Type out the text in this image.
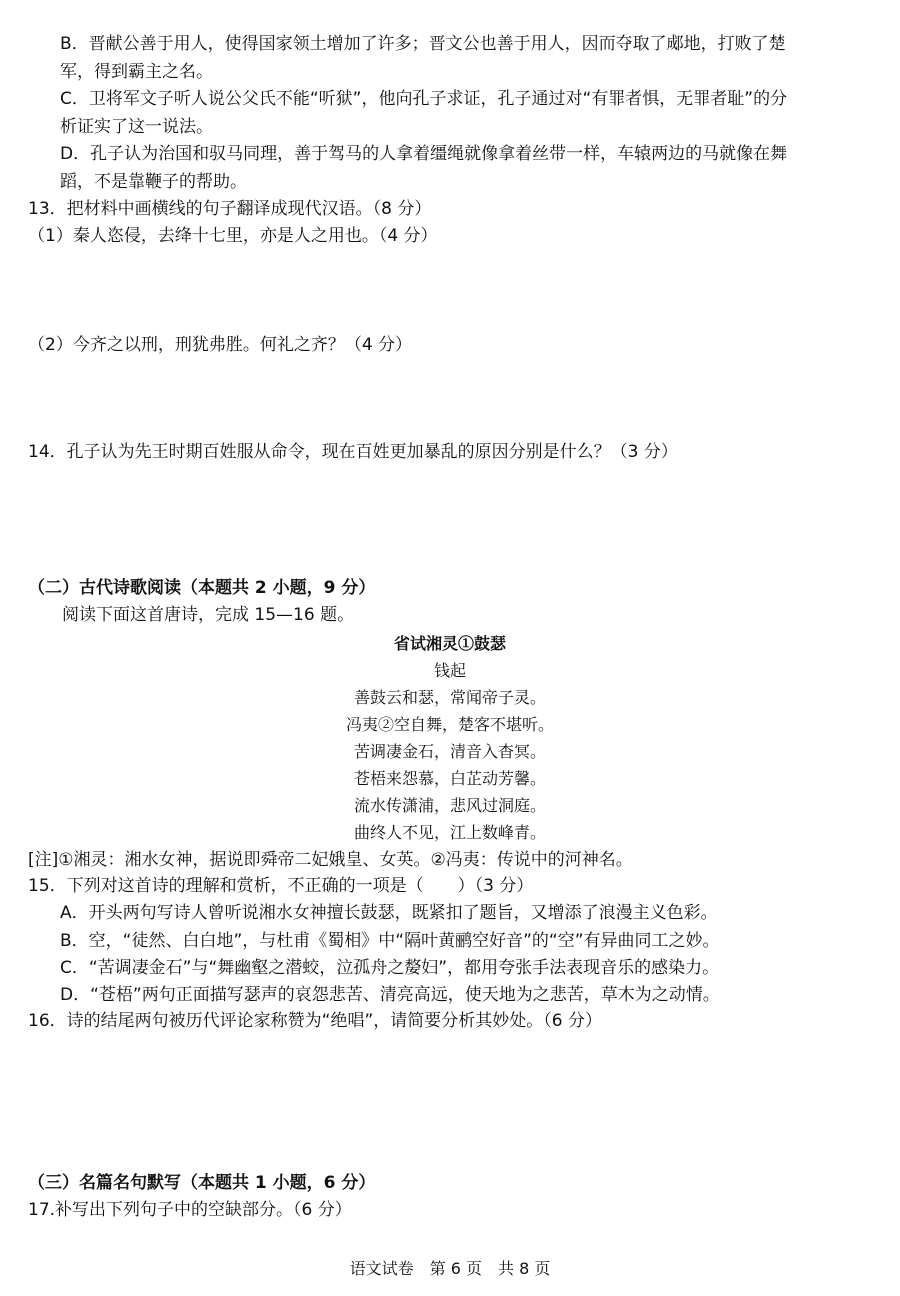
B．晋献公善于用人，使得国家领土增加了许多；晋文公也善于用人，因而夺取了郕地，打败了楚
军，得到霸主之名。
C．卫将军文子听人说公父氏不能“听狱”，他向孔子求证，孔子通过对“有罪者惧，无罪者耻”的分
析证实了这一说法。
D．孔子认为治国和驭马同理，善于驾马的人拿着缰绳就像拿着丝带一样，车辕两边的马就像在舞
蹈，不是靠鞭子的帮助。
13．把材料中画横线的句子翻译成现代汉语。（8 分）
（1）秦人恣侵，去绛十七里，亦是人之用也。（4 分）
（2）今齐之以刑，刑犹弗胜。何礼之齐？（4 分）
14．孔子认为先王时期百姓服从命令，现在百姓更加暴乱的原因分别是什么？（3 分）
（二）古代诗歌阅读（本题共 2 小题，9 分）
阅读下面这首唐诗，完成 15—16 题。
省试湘灵①鼓瑟
钱起
善鼓云和瑟，常闻帝子灵。
冯夷②空自舞，楚客不堪听。
苦调凄金石，清音入杳冥。
苍梧来怨慕，白芷动芳馨。
流水传潇浦，悲风过洞庭。
曲终人不见，江上数峰青。
[注]①湘灵：湘水女神，据说即舜帝二妃娥皇、女英。②冯夷：传说中的河神名。
15．下列对这首诗的理解和赏析，不正确的一项是（　　）（3 分）
A．开头两句写诗人曾听说湘水女神擅长鼓瑟，既紧扣了题旨，又增添了浪漫主义色彩。
B．空，“徒然、白白地”，与杜甫《蜀相》中“隔叶黄鹂空好音”的“空”有异曲同工之妙。
C．“苦调凄金石”与“舞幽壑之潜蛟，泣孤舟之嫠妇”，都用夸张手法表现音乐的感染力。
D．“苍梧”两句正面描写瑟声的哀怨悲苦、清亮高远，使天地为之悲苦，草木为之动情。
16．诗的结尾两句被历代评论家称赞为“绝唱”，请简要分析其妙处。（6 分）
（三）名篇名句默写（本题共 1 小题，6 分）
17.补写出下列句子中的空缺部分。（6 分）
语文试卷　第 6 页　共 8 页
